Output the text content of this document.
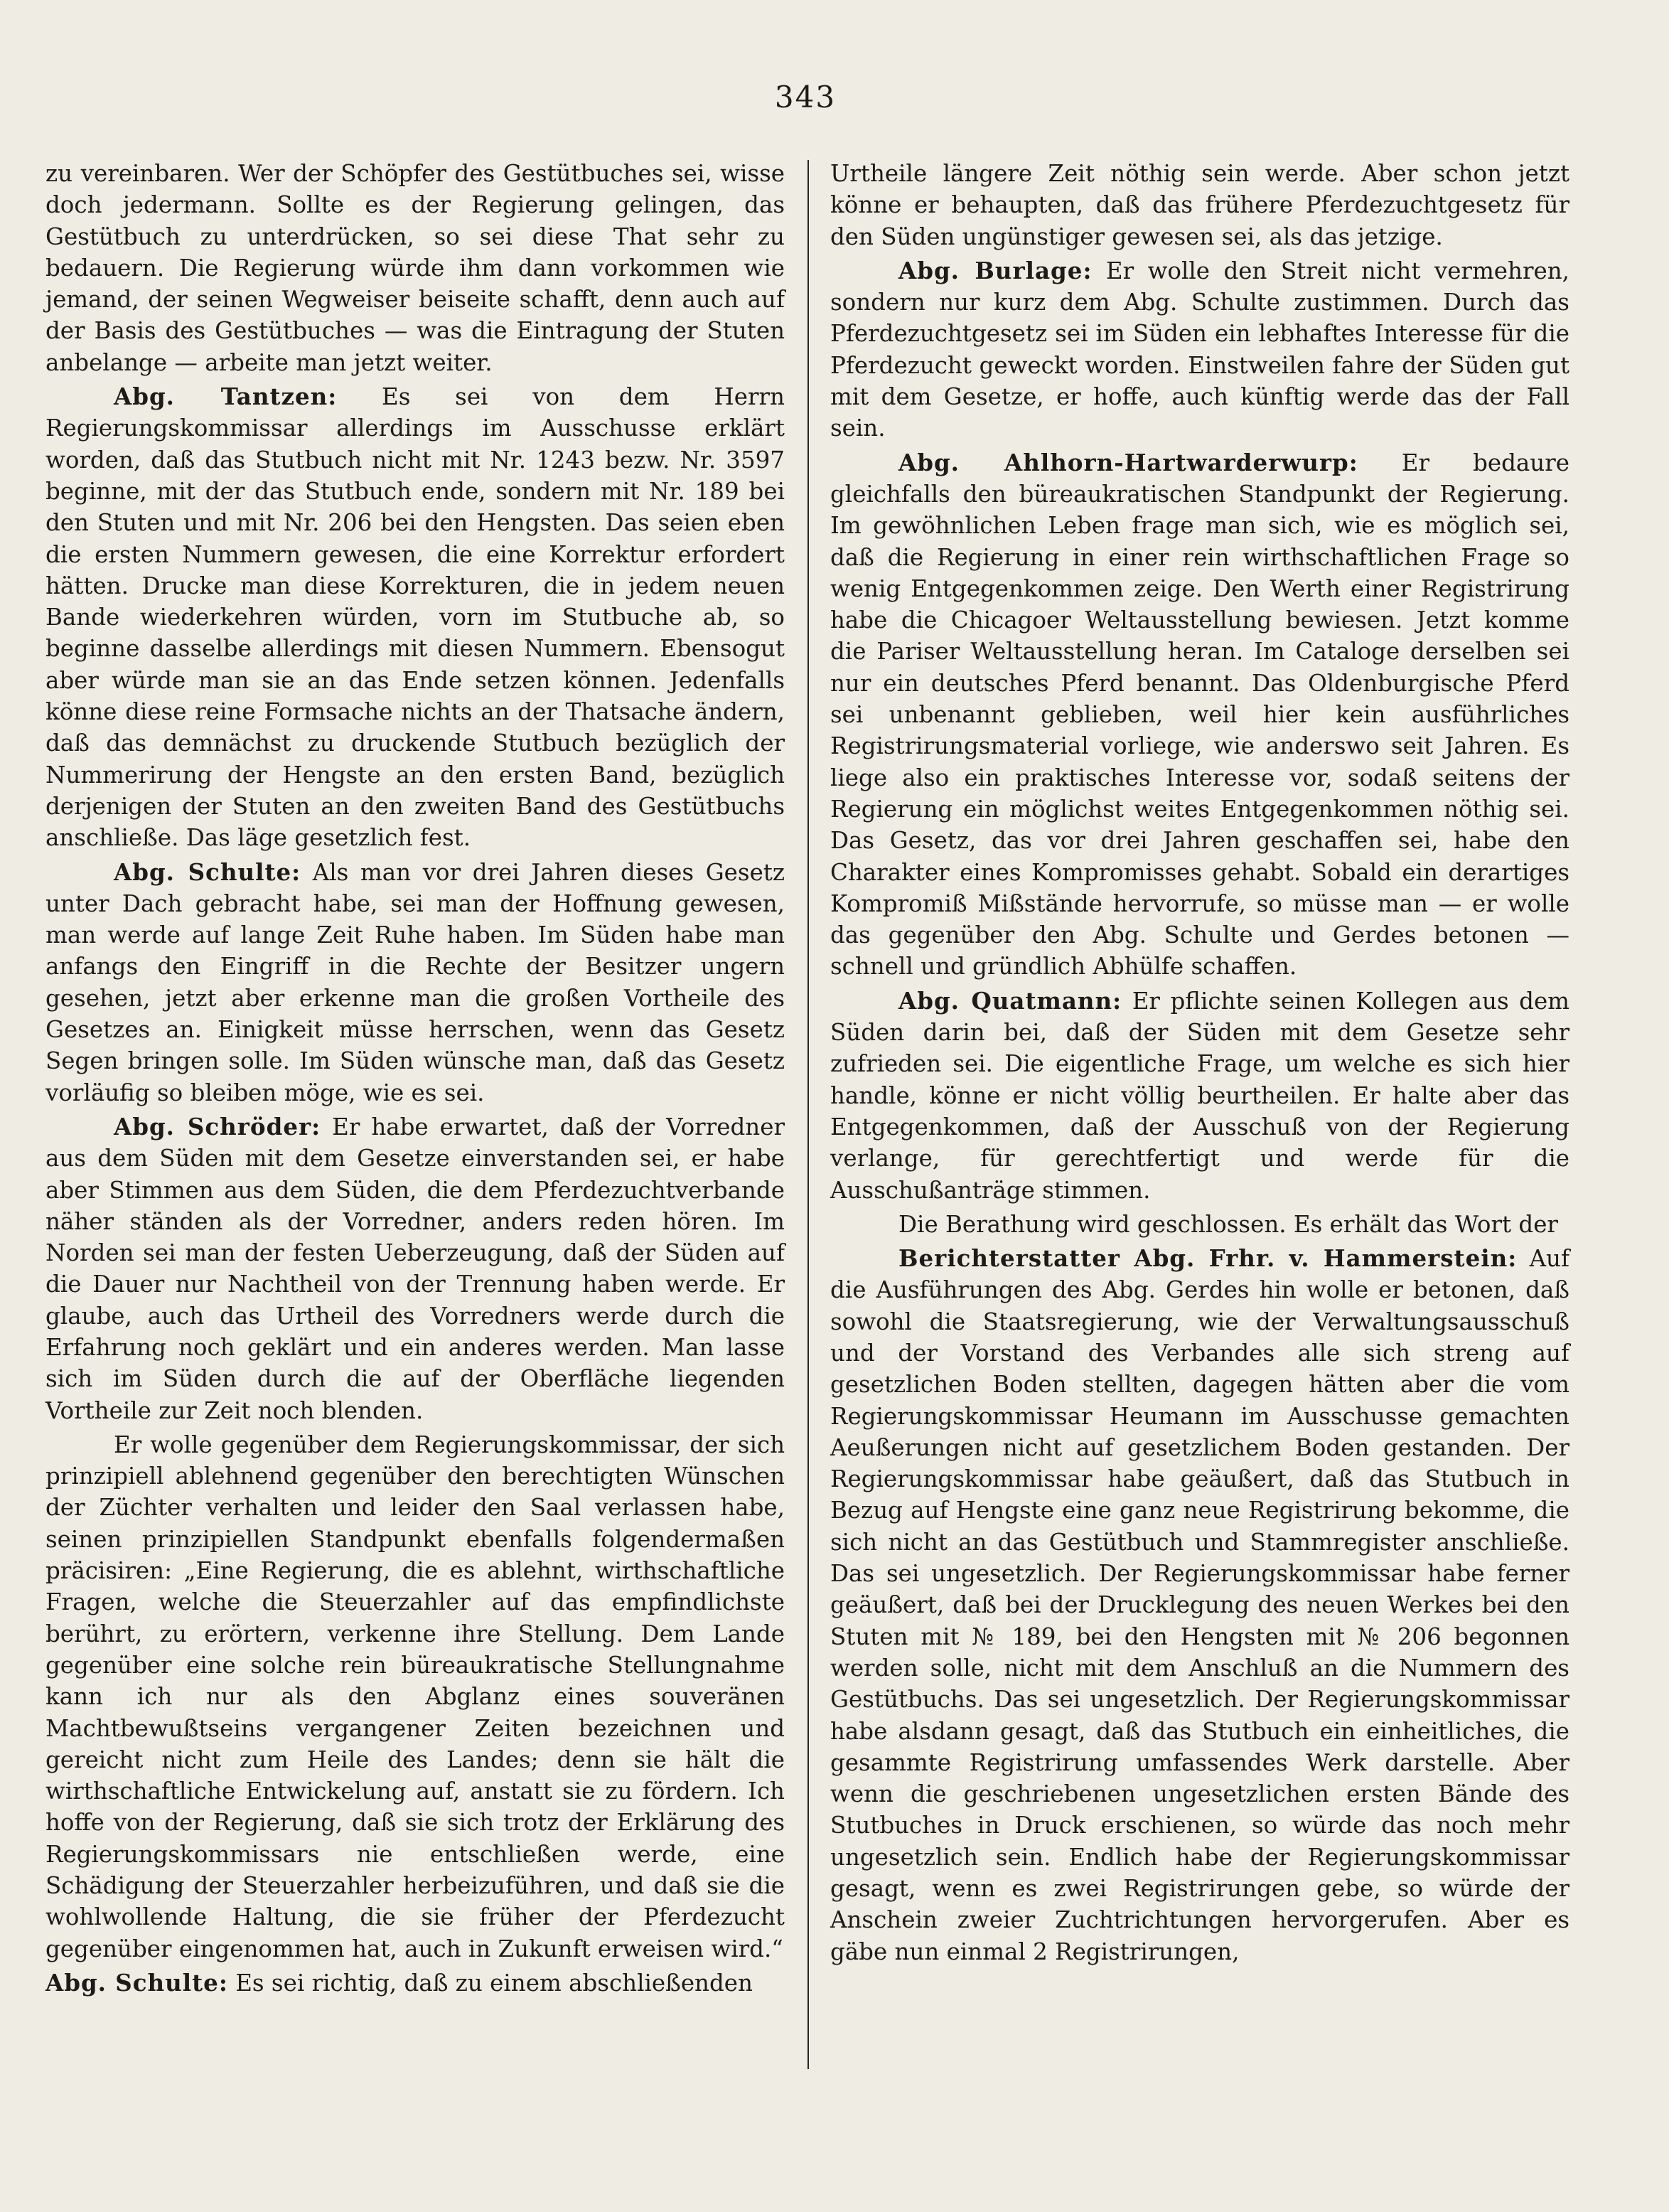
343

zu vereinbaren. Wer der Schöpfer des Gestütbuches sei, wisse doch jedermann. Sollte es der Regierung gelingen, das Gestütbuch zu unterdrücken, so sei diese That sehr zu bedauern. Die Regierung würde ihm dann vorkommen wie jemand, der seinen Wegweiser beiseite schafft, denn auch auf der Basis des Gestütbuches — was die Eintragung der Stuten anbelange — arbeite man jetzt weiter.

Abg. Tantzen: Es sei von dem Herrn Regierungskommissar allerdings im Ausschusse erklärt worden, daß das Stutbuch nicht mit Nr. 1243 bezw. Nr. 3597 beginne, mit der das Stutbuch ende, sondern mit Nr. 189 bei den Stuten und mit Nr. 206 bei den Hengsten. Das seien eben die ersten Nummern gewesen, die eine Korrektur erfordert hätten. Drucke man diese Korrekturen, die in jedem neuen Bande wiederkehren würden, vorn im Stutbuche ab, so beginne dasselbe allerdings mit diesen Nummern. Ebensogut aber würde man sie an das Ende setzen können. Jedenfalls könne diese reine Formsache nichts an der Thatsache ändern, daß das demnächst zu druckende Stutbuch bezüglich der Nummerirung der Hengste an den ersten Band, bezüglich derjenigen der Stuten an den zweiten Band des Gestütbuchs anschließe. Das läge gesetzlich fest.

Abg. Schulte: Als man vor drei Jahren dieses Gesetz unter Dach gebracht habe, sei man der Hoffnung gewesen, man werde auf lange Zeit Ruhe haben. Im Süden habe man anfangs den Eingriff in die Rechte der Besitzer ungern gesehen, jetzt aber erkenne man die großen Vortheile des Gesetzes an. Einigkeit müsse herrschen, wenn das Gesetz Segen bringen solle. Im Süden wünsche man, daß das Gesetz vorläufig so bleiben möge, wie es sei.

Abg. Schröder: Er habe erwartet, daß der Vorredner aus dem Süden mit dem Gesetze einverstanden sei, er habe aber Stimmen aus dem Süden, die dem Pferdezuchtverbande näher ständen als der Vorredner, anders reden hören. Im Norden sei man der festen Ueberzeugung, daß der Süden auf die Dauer nur Nachtheil von der Trennung haben werde. Er glaube, auch das Urtheil des Vorredners werde durch die Erfahrung noch geklärt und ein anderes werden. Man lasse sich im Süden durch die auf der Oberfläche liegenden Vortheile zur Zeit noch blenden.

Er wolle gegenüber dem Regierungskommissar, der sich prinzipiell ablehnend gegenüber den berechtigten Wünschen der Züchter verhalten und leider den Saal verlassen habe, seinen prinzipiellen Standpunkt ebenfalls folgendermaßen präcisiren: „Eine Regierung, die es ablehnt, wirthschaftliche Fragen, welche die Steuerzahler auf das empfindlichste berührt, zu erörtern, verkenne ihre Stellung. Dem Lande gegenüber eine solche rein büreaukratische Stellungnahme kann ich nur als den Abglanz eines souveränen Machtbewußtseins vergangener Zeiten bezeichnen und gereicht nicht zum Heile des Landes; denn sie hält die wirthschaftliche Entwickelung auf, anstatt sie zu fördern. Ich hoffe von der Regierung, daß sie sich trotz der Erklärung des Regierungskommissars nie entschließen werde, eine Schädigung der Steuerzahler herbeizuführen, und daß sie die wohlwollende Haltung, die sie früher der Pferdezucht gegenüber eingenommen hat, auch in Zukunft erweisen wird.“

Abg. Schulte: Es sei richtig, daß zu einem abschließenden

Urtheile längere Zeit nöthig sein werde. Aber schon jetzt könne er behaupten, daß das frühere Pferdezuchtgesetz für den Süden ungünstiger gewesen sei, als das jetzige.

Abg. Burlage: Er wolle den Streit nicht vermehren, sondern nur kurz dem Abg. Schulte zustimmen. Durch das Pferdezuchtgesetz sei im Süden ein lebhaftes Interesse für die Pferdezucht geweckt worden. Einstweilen fahre der Süden gut mit dem Gesetze, er hoffe, auch künftig werde das der Fall sein.

Abg. Ahlhorn-Hartwarderwurp: Er bedaure gleichfalls den büreaukratischen Standpunkt der Regierung. Im gewöhnlichen Leben frage man sich, wie es möglich sei, daß die Regierung in einer rein wirthschaftlichen Frage so wenig Entgegenkommen zeige. Den Werth einer Registrirung habe die Chicagoer Weltausstellung bewiesen. Jetzt komme die Pariser Weltausstellung heran. Im Cataloge derselben sei nur ein deutsches Pferd benannt. Das Oldenburgische Pferd sei unbenannt geblieben, weil hier kein ausführliches Registrirungsmaterial vorliege, wie anderswo seit Jahren. Es liege also ein praktisches Interesse vor, sodaß seitens der Regierung ein möglichst weites Entgegenkommen nöthig sei. Das Gesetz, das vor drei Jahren geschaffen sei, habe den Charakter eines Kompromisses gehabt. Sobald ein derartiges Kompromiß Mißstände hervorrufe, so müsse man — er wolle das gegenüber den Abg. Schulte und Gerdes betonen — schnell und gründlich Abhülfe schaffen.

Abg. Quatmann: Er pflichte seinen Kollegen aus dem Süden darin bei, daß der Süden mit dem Gesetze sehr zufrieden sei. Die eigentliche Frage, um welche es sich hier handle, könne er nicht völlig beurtheilen. Er halte aber das Entgegenkommen, daß der Ausschuß von der Regierung verlange, für gerechtfertigt und werde für die Ausschußanträge stimmen.

Die Berathung wird geschlossen. Es erhält das Wort der

Berichterstatter Abg. Frhr. v. Hammerstein: Auf die Ausführungen des Abg. Gerdes hin wolle er betonen, daß sowohl die Staatsregierung, wie der Verwaltungsausschuß und der Vorstand des Verbandes alle sich streng auf gesetzlichen Boden stellten, dagegen hätten aber die vom Regierungskommissar Heumann im Ausschusse gemachten Aeußerungen nicht auf gesetzlichem Boden gestanden. Der Regierungskommissar habe geäußert, daß das Stutbuch in Bezug auf Hengste eine ganz neue Registrirung bekomme, die sich nicht an das Gestütbuch und Stammregister anschließe. Das sei ungesetzlich. Der Regierungskommissar habe ferner geäußert, daß bei der Drucklegung des neuen Werkes bei den Stuten mit № 189, bei den Hengsten mit № 206 begonnen werden solle, nicht mit dem Anschluß an die Nummern des Gestütbuchs. Das sei ungesetzlich. Der Regierungskommissar habe alsdann gesagt, daß das Stutbuch ein einheitliches, die gesammte Registrirung umfassendes Werk darstelle. Aber wenn die geschriebenen ungesetzlichen ersten Bände des Stutbuches in Druck erschienen, so würde das noch mehr ungesetzlich sein. Endlich habe der Regierungskommissar gesagt, wenn es zwei Registrirungen gebe, so würde der Anschein zweier Zuchtrichtungen hervorgerufen. Aber es gäbe nun einmal 2 Registrirungen,
